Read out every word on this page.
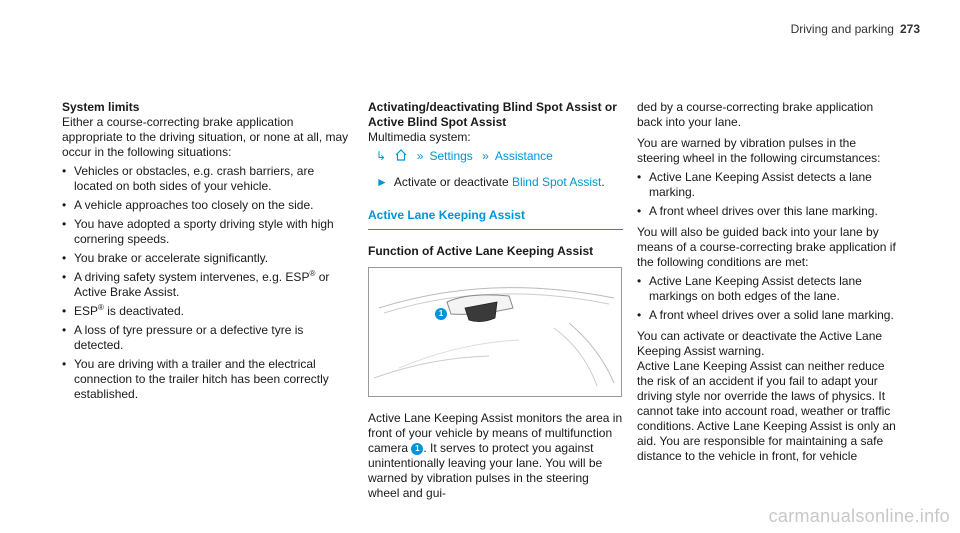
Driving and parking 273

System limits

Either a course-correcting brake application appropriate to the driving situation, or none at all, may occur in the following situations:

• Vehicles or obstacles, e.g. crash barriers, are located on both sides of your vehicle.
• A vehicle approaches too closely on the side.
• You have adopted a sporty driving style with high cornering speeds.
• You brake or accelerate significantly.
• A driving safety system intervenes, e.g. ESP® or Active Brake Assist.
• ESP® is deactivated.
• A loss of tyre pressure or a defective tyre is detected.
• You are driving with a trailer and the electrical connection to the trailer hitch has been correctly established.

Activating/deactivating Blind Spot Assist or Active Blind Spot Assist

Multimedia system:

↳	» Settings » Assistance

► Activate or deactivate Blind Spot Assist.

Active Lane Keeping Assist

Function of Active Lane Keeping Assist

1

Active Lane Keeping Assist monitors the area in front of your vehicle by means of multifunction camera 1 . It serves to protect you against unintentionally leaving your lane. You will be warned by vibration pulses in the steering wheel and gui-

ded by a course-correcting brake application back into your lane.

You are warned by vibration pulses in the steering wheel in the following circumstances:

• Active Lane Keeping Assist detects a lane marking.
• A front wheel drives over this lane marking.

You will also be guided back into your lane by means of a course-correcting brake application if the following conditions are met:

• Active Lane Keeping Assist detects lane markings on both edges of the lane.
• A front wheel drives over a solid lane marking.

You can activate or deactivate the Active Lane Keeping Assist warning.

Active Lane Keeping Assist can neither reduce the risk of an accident if you fail to adapt your driving style nor override the laws of physics. It cannot take into account road, weather or traffic conditions. Active Lane Keeping Assist is only an aid. You are responsible for maintaining a safe distance to the vehicle in front, for vehicle

carmanualsonline.info
